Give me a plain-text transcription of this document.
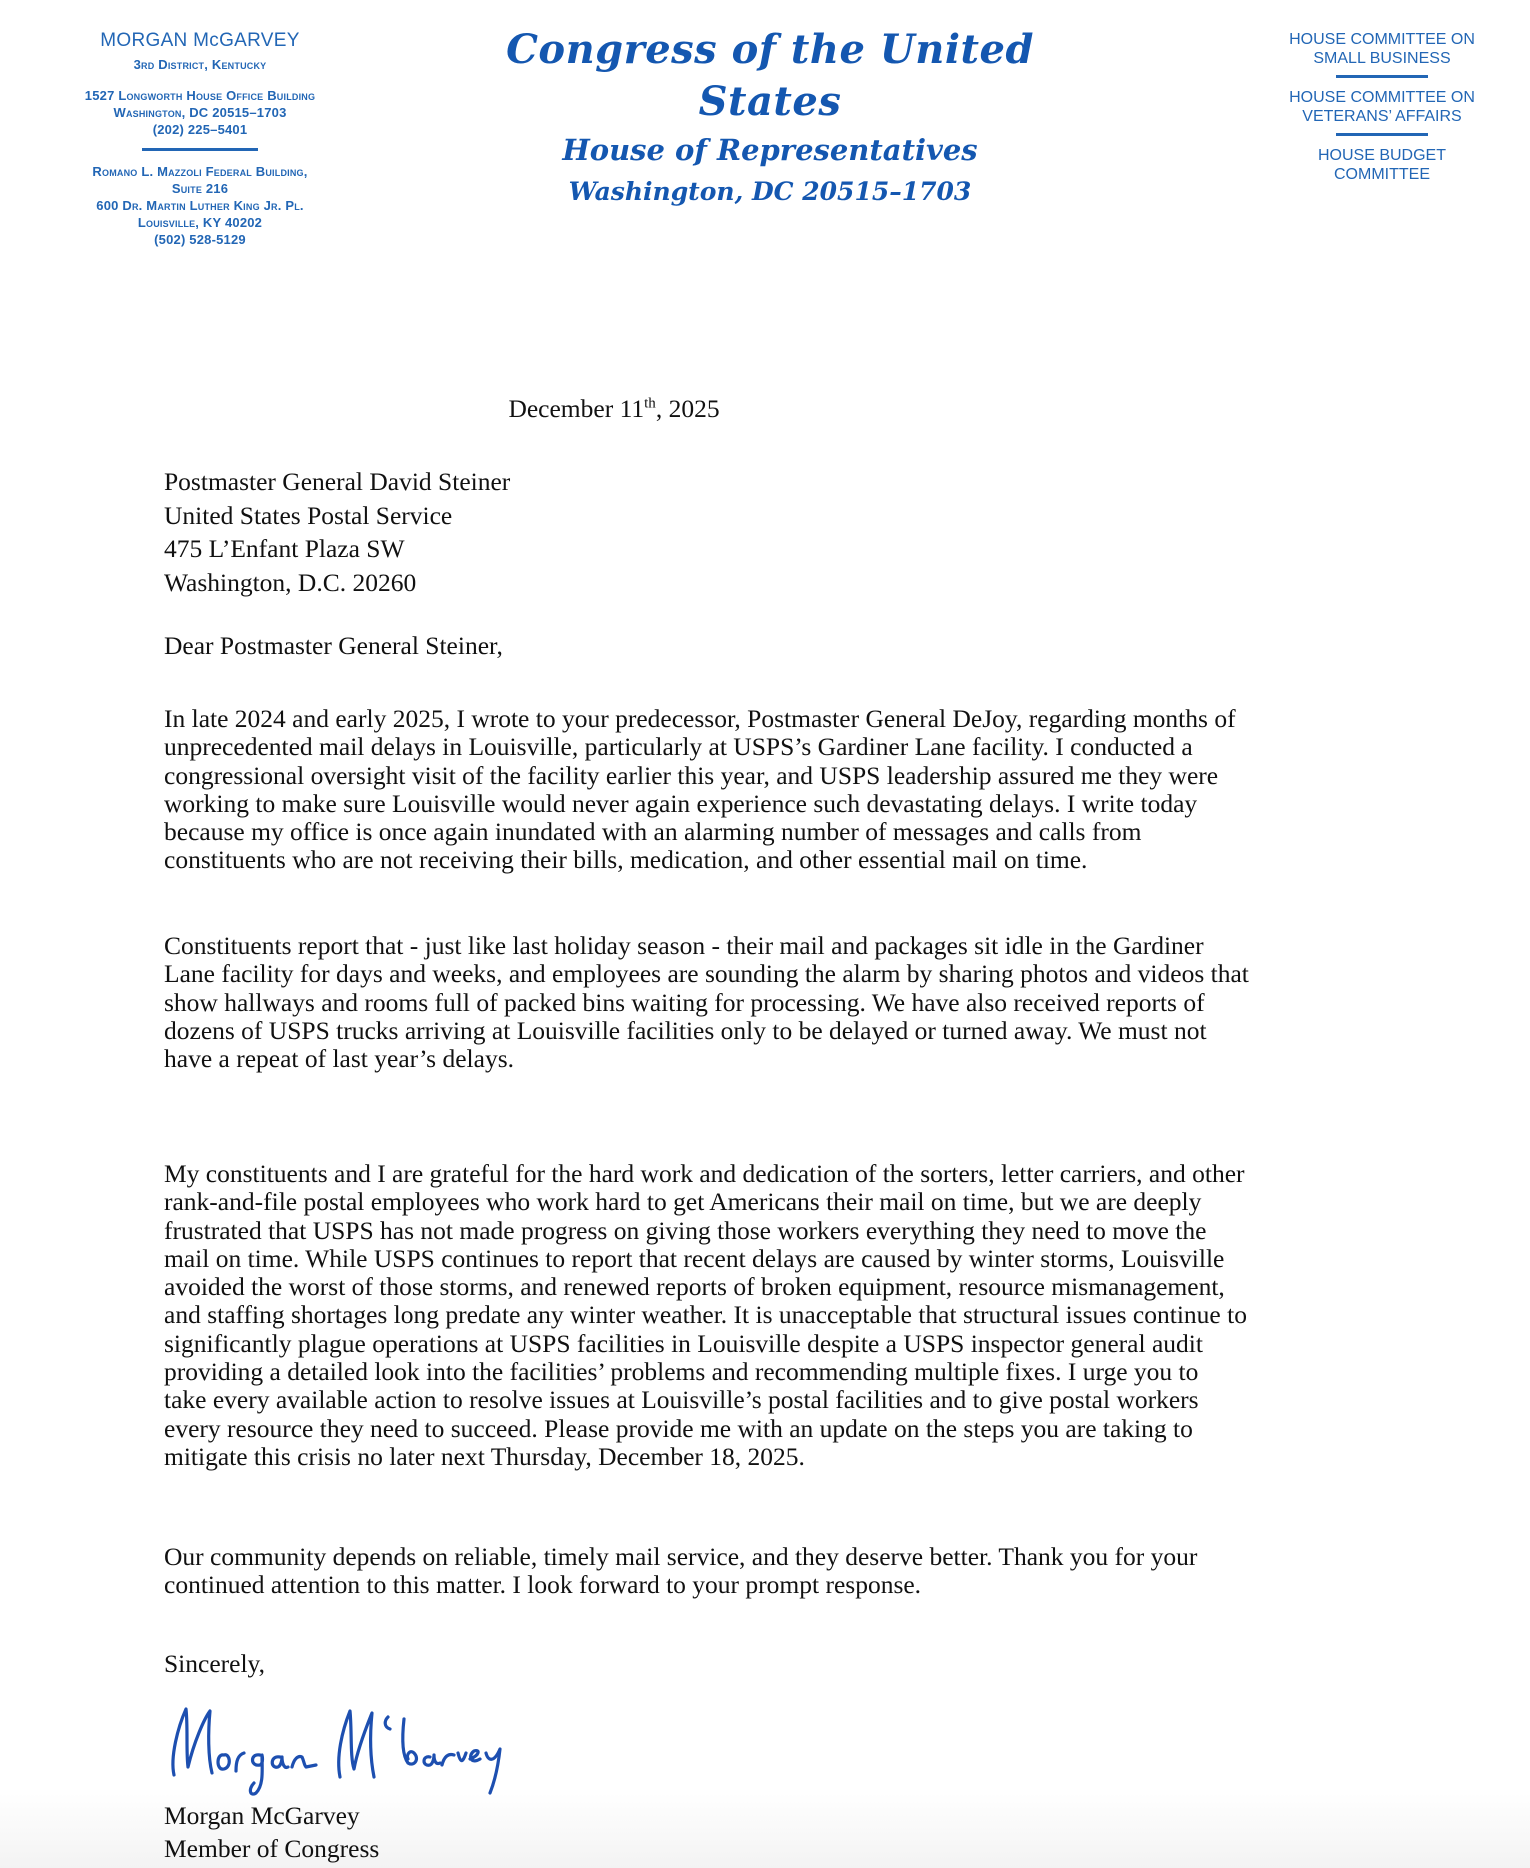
MORGAN McGARVEY
3rd District, Kentucky
1527 Longworth House Office Building
Washington, DC 20515–1703
(202) 225–5401
Romano L. Mazzoli Federal Building,
Suite 216
600 Dr. Martin Luther King Jr. Pl.
Louisville, KY 40202
(502) 528-5129
Congress of the United States
House of Representatives
Washington, DC 20515–1703
HOUSE COMMITTEE ON
SMALL BUSINESS
HOUSE COMMITTEE ON
VETERANS’ AFFAIRS
HOUSE BUDGET
COMMITTEE
December 11th, 2025
Postmaster General David Steiner
United States Postal Service
475 L’Enfant Plaza SW
Washington, D.C. 20260
Dear Postmaster General Steiner,
In late 2024 and early 2025, I wrote to your predecessor, Postmaster General DeJoy, regarding months of
unprecedented mail delays in Louisville, particularly at USPS’s Gardiner Lane facility. I conducted a
congressional oversight visit of the facility earlier this year, and USPS leadership assured me they were
working to make sure Louisville would never again experience such devastating delays. I write today
because my office is once again inundated with an alarming number of messages and calls from
constituents who are not receiving their bills, medication, and other essential mail on time.
Constituents report that - just like last holiday season - their mail and packages sit idle in the Gardiner
Lane facility for days and weeks, and employees are sounding the alarm by sharing photos and videos that
show hallways and rooms full of packed bins waiting for processing. We have also received reports of
dozens of USPS trucks arriving at Louisville facilities only to be delayed or turned away. We must not
have a repeat of last year’s delays.
My constituents and I are grateful for the hard work and dedication of the sorters, letter carriers, and other
rank-and-file postal employees who work hard to get Americans their mail on time, but we are deeply
frustrated that USPS has not made progress on giving those workers everything they need to move the
mail on time. While USPS continues to report that recent delays are caused by winter storms, Louisville
avoided the worst of those storms, and renewed reports of broken equipment, resource mismanagement,
and staffing shortages long predate any winter weather. It is unacceptable that structural issues continue to
significantly plague operations at USPS facilities in Louisville despite a USPS inspector general audit
providing a detailed look into the facilities’ problems and recommending multiple fixes. I urge you to
take every available action to resolve issues at Louisville’s postal facilities and to give postal workers
every resource they need to succeed. Please provide me with an update on the steps you are taking to
mitigate this crisis no later next Thursday, December 18, 2025.
Our community depends on reliable, timely mail service, and they deserve better. Thank you for your
continued attention to this matter. I look forward to your prompt response.
Sincerely,
Morgan McGarvey
Member of Congress
